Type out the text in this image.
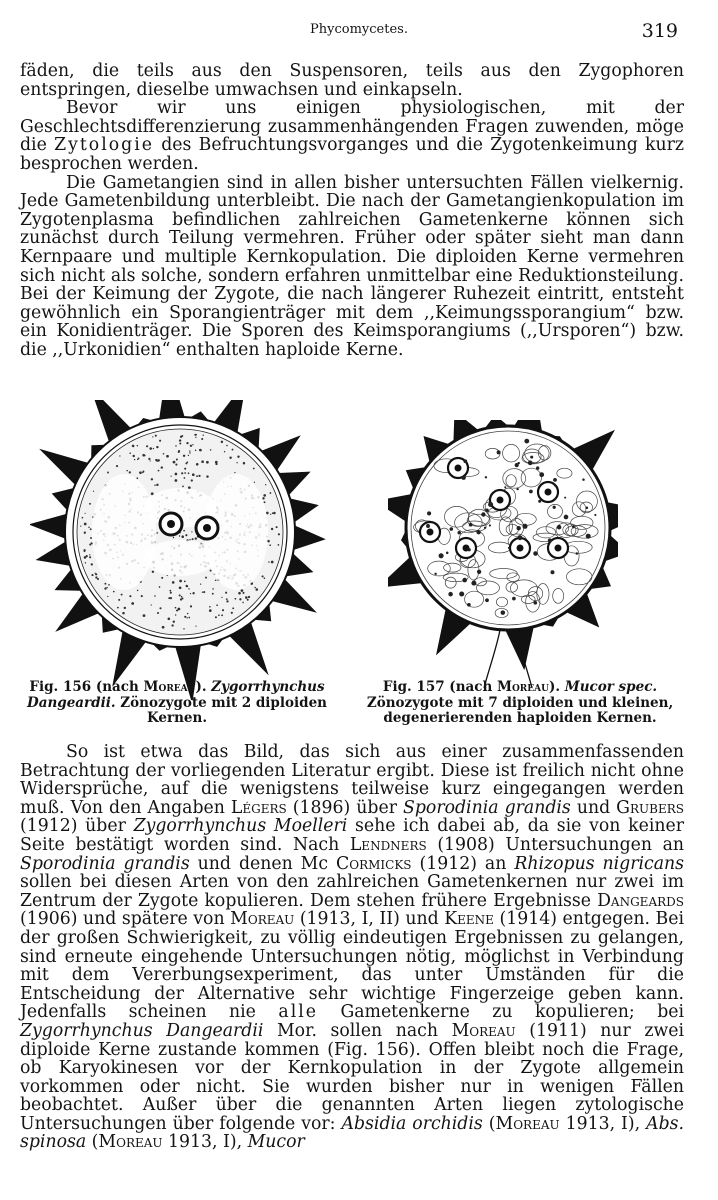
Phycomycetes.	319

fäden, die teils aus den Suspensoren, teils aus den Zygophoren entspringen, dieselbe umwachsen und einkapseln.

Bevor wir uns einigen physiologischen, mit der Geschlechtsdifferenzierung zusammenhängenden Fragen zuwenden, möge die Zytologie des Befruchtungsvorganges und die Zygotenkeimung kurz besprochen werden.

Die Gametangien sind in allen bisher untersuchten Fällen vielkernig. Jede Gametenbildung unterbleibt. Die nach der Gametangienkopulation im Zygotenplasma befindlichen zahlreichen Gametenkerne können sich zunächst durch Teilung vermehren. Früher oder später sieht man dann Kernpaare und multiple Kernkopulation. Die diploiden Kerne vermehren sich nicht als solche, sondern erfahren unmittelbar eine Reduktionsteilung. Bei der Keimung der Zygote, die nach längerer Ruhezeit eintritt, entsteht gewöhnlich ein Sporangienträger mit dem ,,Keimungssporangium“ bzw. ein Konidienträger. Die Sporen des Keimsporangiums (,,Ursporen“) bzw. die ,,Urkonidien“ enthalten haploide Kerne.

Fig. 156 (nach Moreau). Zygorrhynchus Dangeardii. Zönozygote mit 2 diploiden Kernen.
Fig. 157 (nach Moreau). Mucor spec. Zönozygote mit 7 diploiden und kleinen, degenerierenden haploiden Kernen.

So ist etwa das Bild, das sich aus einer zusammenfassenden Betrachtung der vorliegenden Literatur ergibt. Diese ist freilich nicht ohne Widersprüche, auf die wenigstens teilweise kurz eingegangen werden muß. Von den Angaben Légers (1896) über Sporodinia grandis und Grubers (1912) über Zygorrhynchus Moelleri sehe ich dabei ab, da sie von keiner Seite bestätigt worden sind. Nach Lendners (1908) Untersuchungen an Sporodinia grandis und denen Mc Cormicks (1912) an Rhizopus nigricans sollen bei diesen Arten von den zahlreichen Gametenkernen nur zwei im Zentrum der Zygote kopulieren. Dem stehen frühere Ergebnisse Dangeards (1906) und spätere von Moreau (1913, I, II) und Keene (1914) entgegen. Bei der großen Schwierigkeit, zu völlig eindeutigen Ergebnissen zu gelangen, sind erneute eingehende Untersuchungen nötig, möglichst in Verbindung mit dem Vererbungsexperiment, das unter Umständen für die Entscheidung der Alternative sehr wichtige Fingerzeige geben kann. Jedenfalls scheinen nie alle Gametenkerne zu kopulieren; bei Zygorrhynchus Dangeardii Mor. sollen nach Moreau (1911) nur zwei diploide Kerne zustande kommen (Fig. 156). Offen bleibt noch die Frage, ob Karyokinesen vor der Kernkopulation in der Zygote allgemein vorkommen oder nicht. Sie wurden bisher nur in wenigen Fällen beobachtet. Außer über die genannten Arten liegen zytologische Untersuchungen über folgende vor: Absidia orchidis (Moreau 1913, I), Abs. spinosa (Moreau 1913, I), Mucor
